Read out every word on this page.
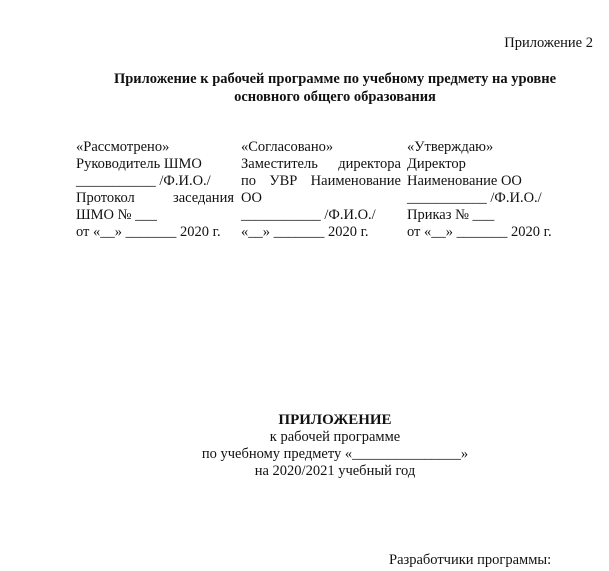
Приложение 2
Приложение к рабочей программе по учебному предмету на уровне
основного общего образования
«Рассмотрено»
Руководитель ШМО
___________ /Ф.И.О./
Протокол	заседания
ШМО № ___
от «__» _______ 2020 г.
«Согласовано»
Заместитель директора
по УВР Наименование
ОО
___________ /Ф.И.О./
«__» _______ 2020 г.
«Утверждаю»
Директор
Наименование ОО
___________ /Ф.И.О./
Приказ № ___
от «__» _______ 2020 г.
ПРИЛОЖЕНИЕ
к рабочей программе
по учебному предмету «_______________»
на 2020/2021 учебный год
Разработчики программы:
